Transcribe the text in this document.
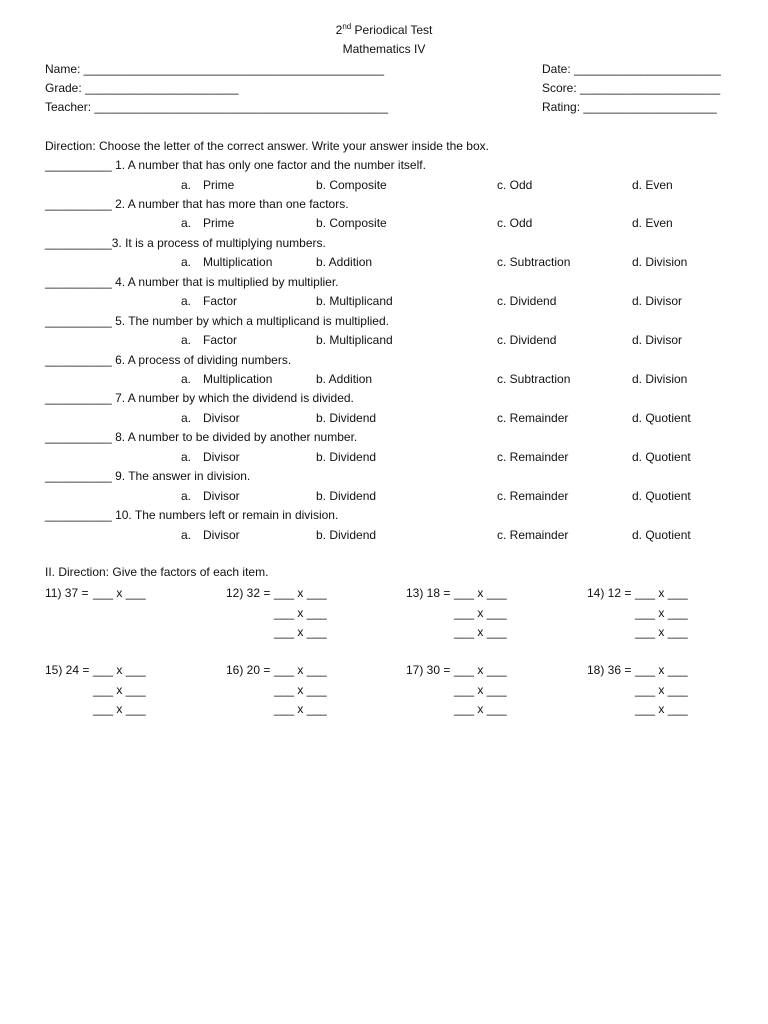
2nd Periodical Test
Mathematics IV
Name: _____________________________________________
Grade: _______________________
Teacher: ____________________________________________
Date: ______________________
Score: _____________________
Rating: ____________________
Direction: Choose the letter of the correct answer. Write your answer inside the box.
__________ 1. A number that has only one factor and the number itself.
a. Prime	b. Composite	c. Odd	d. Even
__________ 2. A number that has more than one factors.
a. Prime	b. Composite	c. Odd	d. Even
__________3. It is a process of multiplying numbers.
a. Multiplication	b. Addition	c. Subtraction	d. Division
__________ 4. A number that is multiplied by multiplier.
a. Factor	b. Multiplicand	c. Dividend	d. Divisor
__________ 5. The number by which a multiplicand is multiplied.
a. Factor	b. Multiplicand	c. Dividend	d. Divisor
__________ 6. A process of dividing numbers.
a. Multiplication	b. Addition	c. Subtraction	d. Division
__________ 7. A number by which the dividend is divided.
a. Divisor	b. Dividend	c. Remainder	d. Quotient
__________ 8. A number to be divided by another number.
a. Divisor	b. Dividend	c. Remainder	d. Quotient
__________ 9. The answer in division.
a. Divisor	b. Dividend	c. Remainder	d. Quotient
__________ 10. The numbers left or remain in division.
a. Divisor	b. Dividend	c. Remainder	d. Quotient
II. Direction: Give the factors of each item.
11) 37 = ___ x ___	12) 32 = ___ x ___
___ x ___
___ x ___
13) 18 = ___ x ___
___ x ___
___ x ___
14) 12 = ___ x ___
___ x ___
___ x ___
15) 24 = ___ x ___
___ x ___
___ x ___
16) 20 = ___ x ___
___ x ___
___ x ___
17) 30 = ___ x ___
___ x ___
___ x ___
18) 36 = ___ x ___
___ x ___
___ x ___
